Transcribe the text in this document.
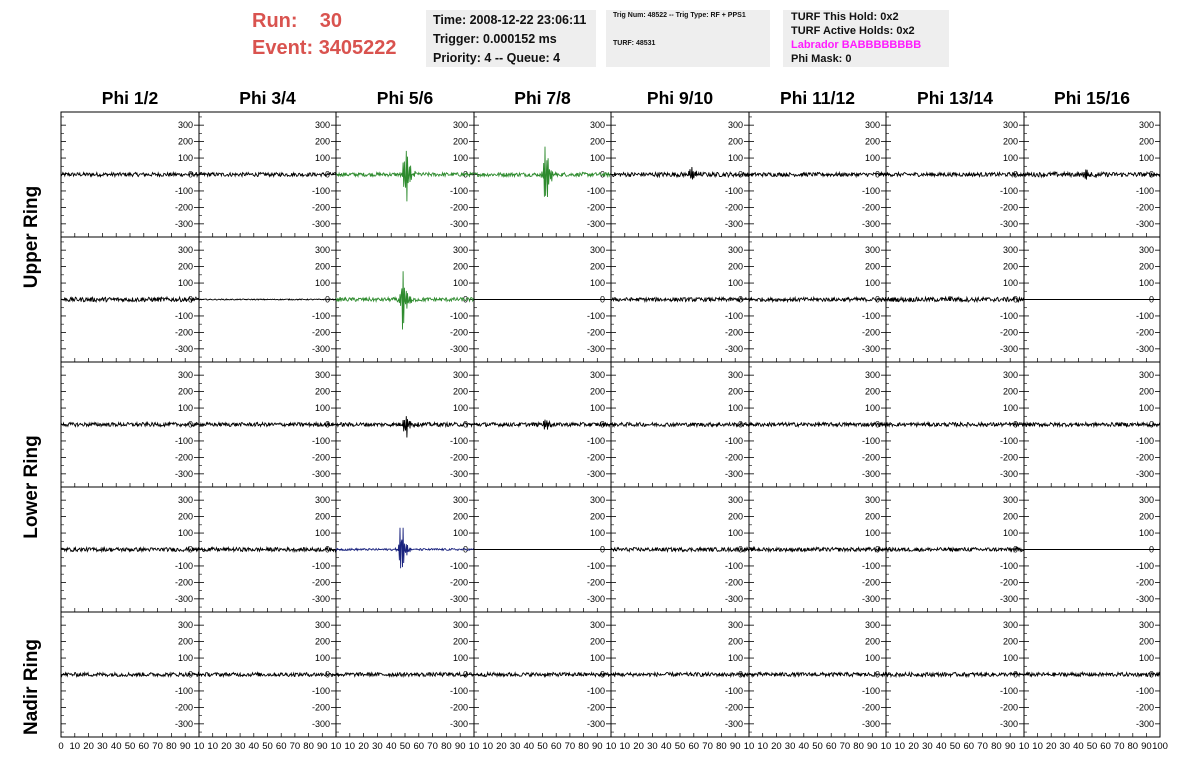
Run: 30
Event: 3405222
Time: 2008-12-22 23:06:11
Trigger: 0.000152 ms
Priority: 4 -- Queue: 4
Trig Num: 48522 -- Trig Type: RF + PPS1
TURF: 48531
TURF This Hold: 0x2
TURF Active Holds: 0x2
Labrador BABBBBBBBB
Phi Mask: 0
Phi 1/2	Phi 3/4	Phi 5/6	Phi 7/8	Phi 9/10	Phi 11/12	Phi 13/14	Phi 15/16
Upper Ring
Lower Ring
Nadir Ring
300
200
100
0
-100
-200
-300
300
200
100
0
-100
-200
-300
300
200
100
0
-100
-200
-300
300
200
100
0
-100
-200
-300
300
200
100
0
-100
-200
-300
300
200
100
0
-100
-200
-300
300
200
100
0
-100
-200
-300
300
200
100
0
-100
-200
-300
300
200
100
0
-100
-200
-300
300
200
100
0
-100
-200
-300
300
200
100
0
-100
-200
-300
300
200
100
0
-100
-200
-300
300
200
100
0
-100
-200
-300
300
200
100
0
-100
-200
-300
300
200
100
0
-100
-200
-300
300
200
100
0
-100
-200
-300
300
200
100
0
-100
-200
-300
300
200
100
0
-100
-200
-300
300
200
100
0
-100
-200
-300
300
200
100
0
-100
-200
-300
300
200
100
0
-100
-200
-300
300
200
100
0
-100
-200
-300
300
200
100
0
-100
-200
-300
300
200
100
0
-100
-200
-300
300
200
100
0
-100
-200
-300
300
200
100
0
-100
-200
-300
300
200
100
0
-100
-200
-300
300
200
100
0
-100
-200
-300
300
200
100
0
-100
-200
-300
300
200
100
0
-100
-200
-300
300
200
100
0
-100
-200
-300
300
200
100
0
-100
-200
-300
300
200
100
0
-100
-200
-300
300
200
100
0
-100
-200
-300
300
200
100
0
-100
-200
-300
300
200
100
0
-100
-200
-300
300
200
100
0
-100
-200
-300
300
200
100
0
-100
-200
-300
300
200
100
0
-100
-200
-300
300
200
100
0
-100
-200
-300
0 10 20 30 40 50 60 70 80 90 10 10 20 30 40 50 60 70 80 90 10 10 20 30 40 50 60 70 80 90 10 10 20 30 40 50 60 70 80 90 10 10 20 30 40 50 60 70 80 90 10 10 20 30 40 50 60 70 80 90 10 10 20 30 40 50 60 70 80 90 10 10 20 30 40 50 60 70 80 90 100
